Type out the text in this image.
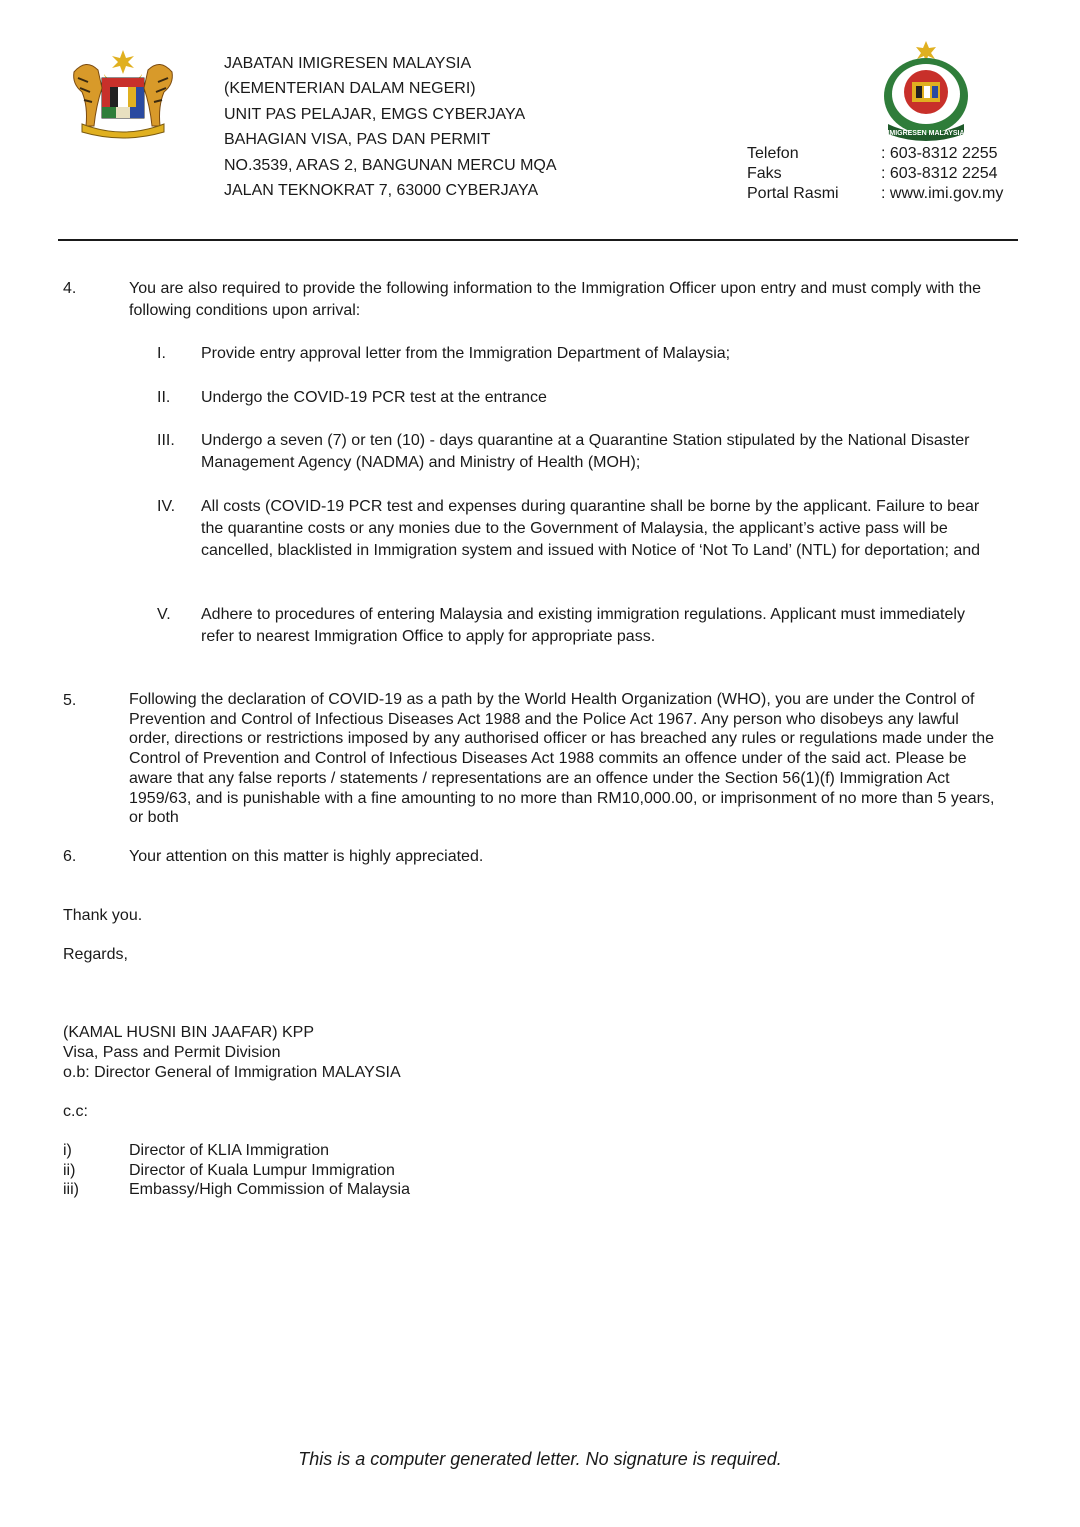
JABATAN IMIGRESEN MALAYSIA
(KEMENTERIAN DALAM NEGERI)
UNIT PAS PELAJAR, EMGS CYBERJAYA
BAHAGIAN VISA, PAS DAN PERMIT
NO.3539, ARAS 2, BANGUNAN MERCU MQA
JALAN TEKNOKRAT 7, 63000 CYBERJAYA
IMIGRESEN MALAYSIA
Telefon	: 603-8312 2255
Faks	: 603-8312 2254
Portal Rasmi	: www.imi.gov.my
4.	You are also required to provide the following information to the Immigration Officer upon entry and must comply with the following conditions upon arrival:
I. Provide entry approval letter from the Immigration Department of Malaysia;
II. Undergo the COVID-19 PCR test at the entrance
III. Undergo a seven (7) or ten (10) - days quarantine at a Quarantine Station stipulated by the National Disaster Management Agency (NADMA) and Ministry of Health (MOH);
IV. All costs (COVID-19 PCR test and expenses during quarantine shall be borne by the applicant. Failure to bear the quarantine costs or any monies due to the Government of Malaysia, the applicant’s active pass will be cancelled, blacklisted in Immigration system and issued with Notice of ‘Not To Land’ (NTL) for deportation; and
V. Adhere to procedures of entering Malaysia and existing immigration regulations. Applicant must immediately refer to nearest Immigration Office to apply for appropriate pass.
5.	Following the declaration of COVID-19 as a path by the World Health Organization (WHO), you are under the Control of Prevention and Control of Infectious Diseases Act 1988 and the Police Act 1967. Any person who disobeys any lawful order, directions or restrictions imposed by any authorised officer or has breached any rules or regulations made under the Control of Prevention and Control of Infectious Diseases Act 1988 commits an offence under of the said act. Please be aware that any false reports / statements / representations are an offence under the Section 56(1)(f) Immigration Act 1959/63, and is punishable with a fine amounting to no more than RM10,000.00, or imprisonment of no more than 5 years, or both
6.	Your attention on this matter is highly appreciated.
Thank you.
Regards,
(KAMAL HUSNI BIN JAAFAR) KPP
Visa, Pass and Permit Division
o.b: Director General of Immigration MALAYSIA
c.c:
i)	Director of KLIA Immigration
ii)	Director of Kuala Lumpur Immigration
iii)	Embassy/High Commission of Malaysia
This is a computer generated letter. No signature is required.
